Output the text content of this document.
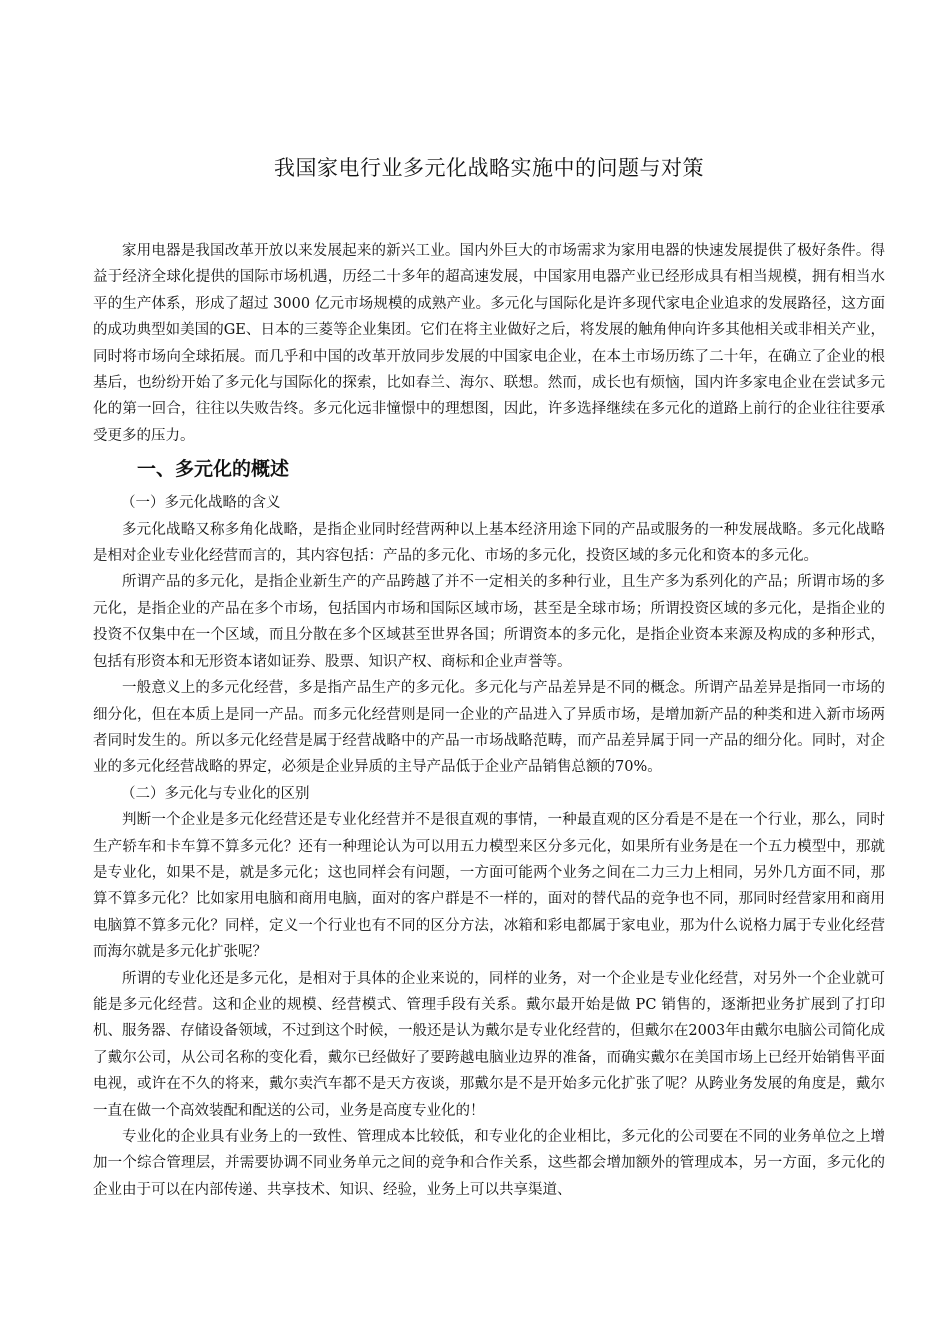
我国家电行业多元化战略实施中的问题与对策

家用电器是我国改革开放以来发展起来的新兴工业。国内外巨大的市场需求为家用电器的快速发展提供了极好条件。得益于经济全球化提供的国际市场机遇，历经二十多年的超高速发展，中国家用电器产业已经形成具有相当规模，拥有相当水平的生产体系，形成了超过 3000 亿元市场规模的成熟产业。多元化与国际化是许多现代家电企业追求的发展路径，这方面的成功典型如美国的GE、日本的三菱等企业集团。它们在将主业做好之后，将发展的触角伸向许多其他相关或非相关产业，同时将市场向全球拓展。而几乎和中国的改革开放同步发展的中国家电企业，在本土市场历练了二十年，在确立了企业的根基后，也纷纷开始了多元化与国际化的探索，比如春兰、海尔、联想。然而，成长也有烦恼，国内许多家电企业在尝试多元化的第一回合，往往以失败告终。多元化远非憧憬中的理想图，因此，许多选择继续在多元化的道路上前行的企业往往要承受更多的压力。

一、多元化的概述

（一）多元化战略的含义

多元化战略又称多角化战略，是指企业同时经营两种以上基本经济用途下同的产品或服务的一种发展战略。多元化战略是相对企业专业化经营而言的，其内容包括：产品的多元化、市场的多元化，投资区域的多元化和资本的多元化。

所谓产品的多元化，是指企业新生产的产品跨越了并不一定相关的多种行业，且生产多为系列化的产品；所谓市场的多元化，是指企业的产品在多个市场，包括国内市场和国际区域市场，甚至是全球市场；所谓投资区域的多元化，是指企业的投资不仅集中在一个区域，而且分散在多个区域甚至世界各国；所谓资本的多元化，是指企业资本来源及构成的多种形式，包括有形资本和无形资本诸如证券、股票、知识产权、商标和企业声誉等。

一般意义上的多元化经营，多是指产品生产的多元化。多元化与产品差异是不同的概念。所谓产品差异是指同一市场的细分化，但在本质上是同一产品。而多元化经营则是同一企业的产品进入了异质市场，是增加新产品的种类和进入新市场两者同时发生的。所以多元化经营是属于经营战略中的产品一市场战略范畴，而产品差异属于同一产品的细分化。同时，对企业的多元化经营战略的界定，必须是企业异质的主导产品低于企业产品销售总额的70%。

（二）多元化与专业化的区别

判断一个企业是多元化经营还是专业化经营并不是很直观的事情，一种最直观的区分看是不是在一个行业，那么，同时生产轿车和卡车算不算多元化？还有一种理论认为可以用五力模型来区分多元化，如果所有业务是在一个五力模型中，那就是专业化，如果不是，就是多元化；这也同样会有问题，一方面可能两个业务之间在二力三力上相同，另外几方面不同，那算不算多元化？比如家用电脑和商用电脑，面对的客户群是不一样的，面对的替代品的竞争也不同，那同时经营家用和商用电脑算不算多元化？同样，定义一个行业也有不同的区分方法，冰箱和彩电都属于家电业，那为什么说格力属于专业化经营而海尔就是多元化扩张呢？

所谓的专业化还是多元化，是相对于具体的企业来说的，同样的业务，对一个企业是专业化经营，对另外一个企业就可能是多元化经营。这和企业的规模、经营模式、管理手段有关系。戴尔最开始是做 PC 销售的，逐渐把业务扩展到了打印机、服务器、存储设备领域，不过到这个时候，一般还是认为戴尔是专业化经营的，但戴尔在2003年由戴尔电脑公司简化成了戴尔公司，从公司名称的变化看，戴尔已经做好了要跨越电脑业边界的准备，而确实戴尔在美国市场上已经开始销售平面电视，或许在不久的将来，戴尔卖汽车都不是天方夜谈，那戴尔是不是开始多元化扩张了呢？从跨业务发展的角度是，戴尔一直在做一个高效装配和配送的公司，业务是高度专业化的！

专业化的企业具有业务上的一致性、管理成本比较低，和专业化的企业相比，多元化的公司要在不同的业务单位之上增加一个综合管理层，并需要协调不同业务单元之间的竞争和合作关系，这些都会增加额外的管理成本，另一方面，多元化的企业由于可以在内部传递、共享技术、知识、经验，业务上可以共享渠道、
